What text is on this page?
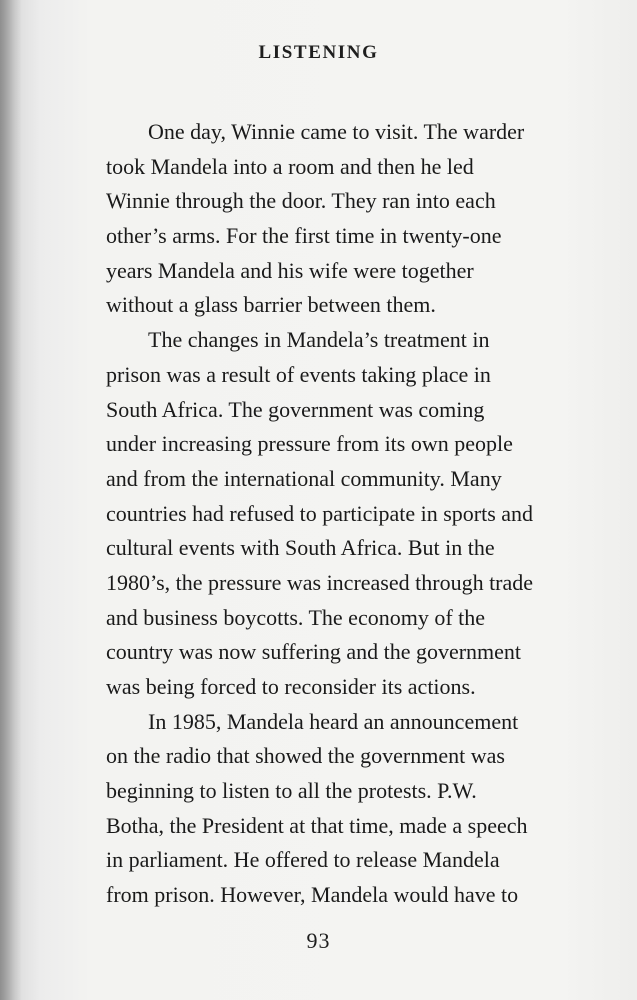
LISTENING
One day, Winnie came to visit. The warder
took Mandela into a room and then he led
Winnie through the door. They ran into each
other’s arms. For the first time in twenty-one
years Mandela and his wife were together
without a glass barrier between them.
The changes in Mandela’s treatment in
prison was a result of events taking place in
South Africa. The government was coming
under increasing pressure from its own people
and from the international community. Many
countries had refused to participate in sports and
cultural events with South Africa. But in the
1980’s, the pressure was increased through trade
and business boycotts. The economy of the
country was now suffering and the government
was being forced to reconsider its actions.
In 1985, Mandela heard an announcement
on the radio that showed the government was
beginning to listen to all the protests. P.W.
Botha, the President at that time, made a speech
in parliament. He offered to release Mandela
from prison. However, Mandela would have to
93
